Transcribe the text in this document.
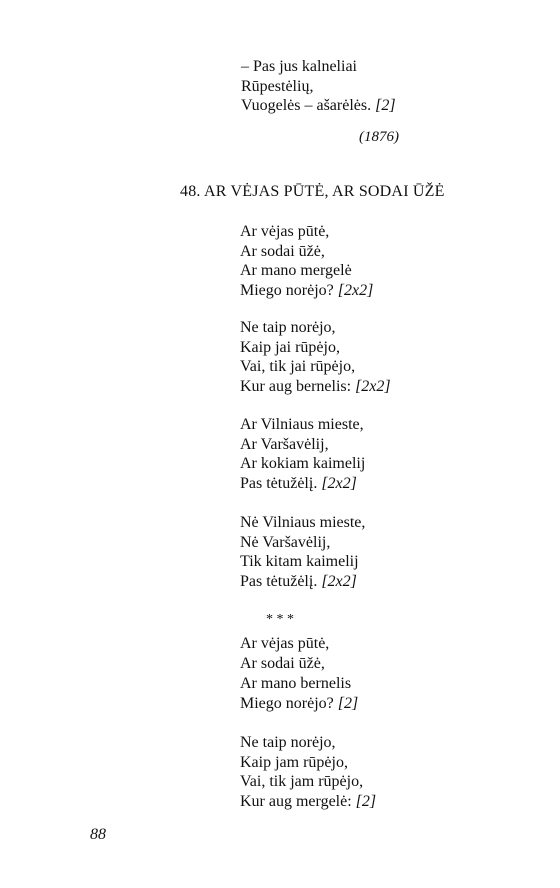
– Pas jus kalneliai
Rūpestėlių,
Vuogelės – ašarėlės. [2]
(1876)
48. AR VĖJAS PŪTĖ, AR SODAI ŪŽĖ
Ar vėjas pūtė,
Ar sodai ūžė,
Ar mano mergelė
Miego norėjo? [2x2]
Ne taip norėjo,
Kaip jai rūpėjo,
Vai, tik jai rūpėjo,
Kur aug bernelis: [2x2]
Ar Vilniaus mieste,
Ar Varšavėlij,
Ar kokiam kaimelij
Pas tėtužėlį. [2x2]
Nė Vilniaus mieste,
Nė Varšavėlij,
Tik kitam kaimelij
Pas tėtužėlį. [2x2]
* * *
Ar vėjas pūtė,
Ar sodai ūžė,
Ar mano bernelis
Miego norėjo? [2]
Ne taip norėjo,
Kaip jam rūpėjo,
Vai, tik jam rūpėjo,
Kur aug mergelė: [2]
88
